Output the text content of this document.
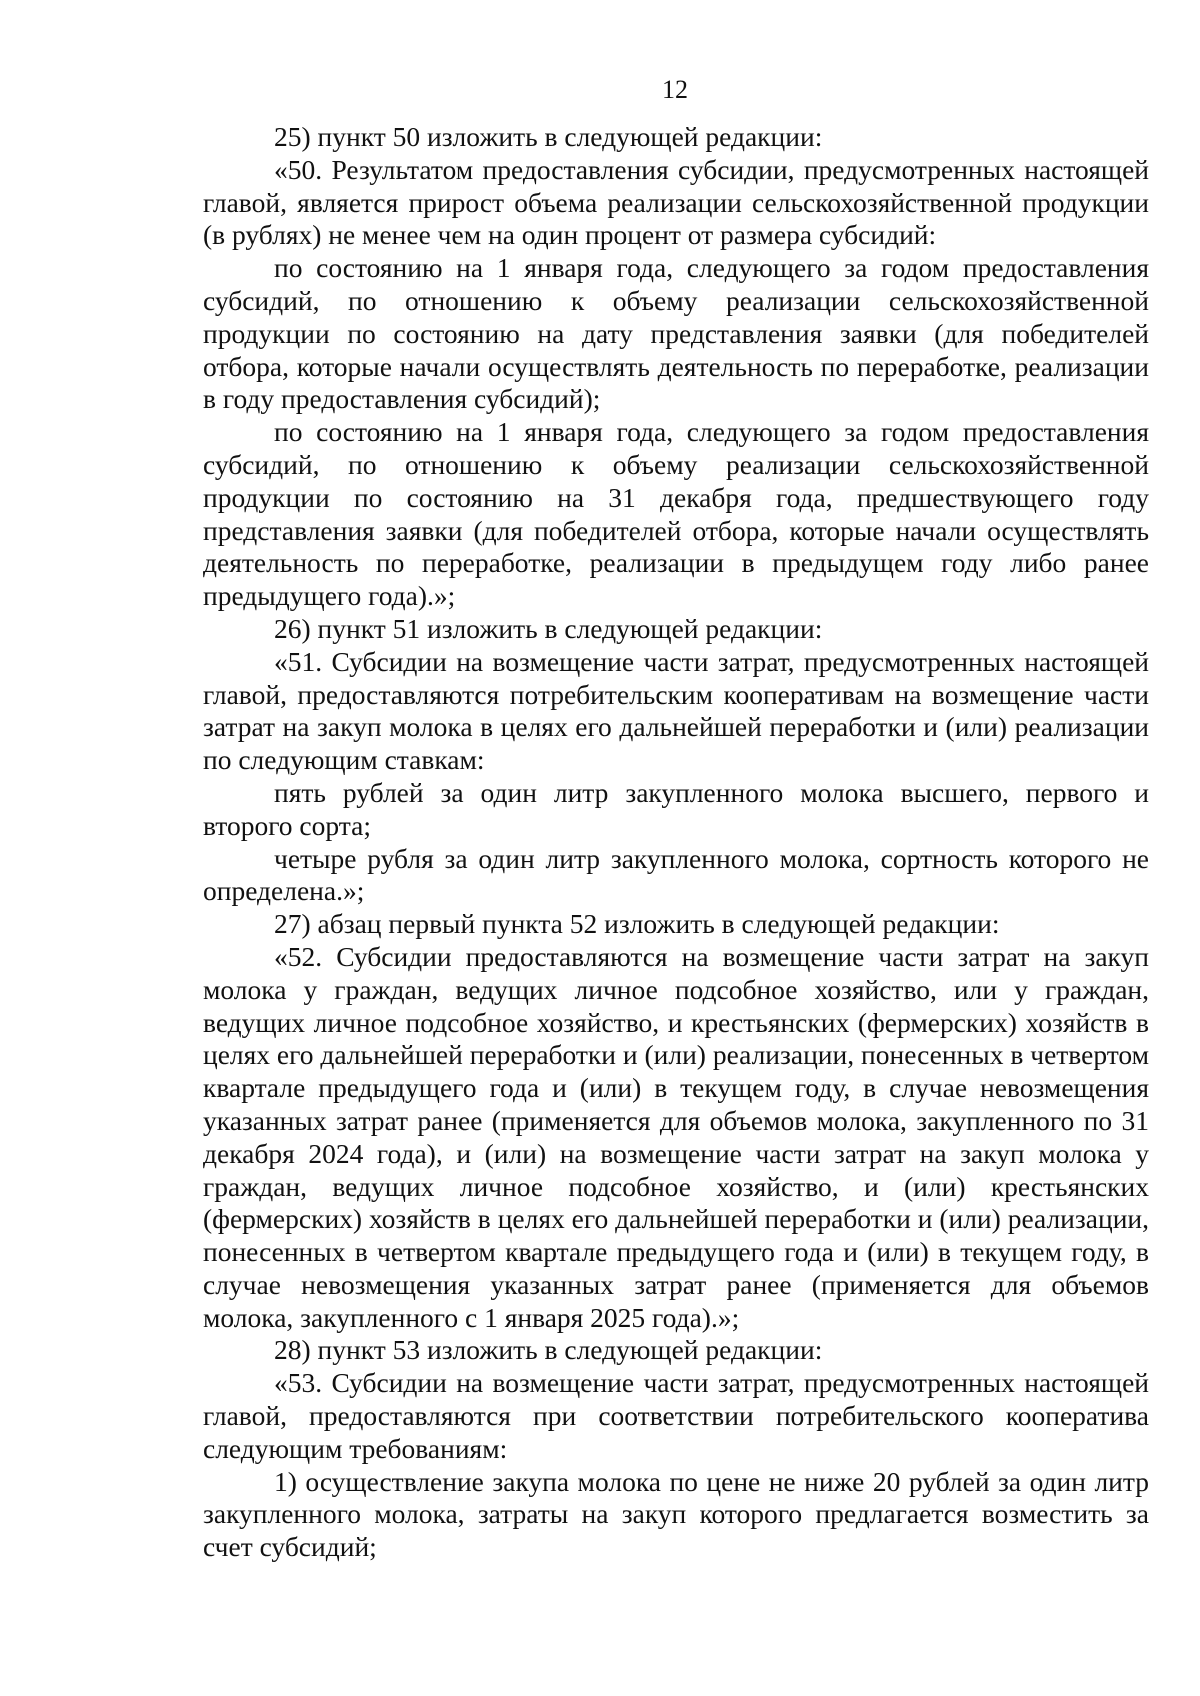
12

25) пункт 50 изложить в следующей редакции:

«50. Результатом предоставления субсидии, предусмотренных настоящей главой, является прирост объема реализации сельскохозяйственной продукции (в рублях) не менее чем на один процент от размера субсидий:

по состоянию на 1 января года, следующего за годом предоставления субсидий, по отношению к объему реализации сельскохозяйственной продукции по состоянию на дату представления заявки (для победителей отбора, которые начали осуществлять деятельность по переработке, реализации в году предоставления субсидий);

по состоянию на 1 января года, следующего за годом предоставления субсидий, по отношению к объему реализации сельскохозяйственной продукции по состоянию на 31 декабря года, предшествующего году представления заявки (для победителей отбора, которые начали осуществлять деятельность по переработке, реализации в предыдущем году либо ранее предыдущего года).»;

26) пункт 51 изложить в следующей редакции:

«51. Субсидии на возмещение части затрат, предусмотренных настоящей главой, предоставляются потребительским кооперативам на возмещение части затрат на закуп молока в целях его дальнейшей переработки и (или) реализации по следующим ставкам:

пять рублей за один литр закупленного молока высшего, первого и второго сорта;

четыре рубля за один литр закупленного молока, сортность которого не определена.»;

27) абзац первый пункта 52 изложить в следующей редакции:

«52. Субсидии предоставляются на возмещение части затрат на закуп молока у граждан, ведущих личное подсобное хозяйство, или у граждан, ведущих личное подсобное хозяйство, и крестьянских (фермерских) хозяйств в целях его дальнейшей переработки и (или) реализации, понесенных в четвертом квартале предыдущего года и (или) в текущем году, в случае невозмещения указанных затрат ранее (применяется для объемов молока, закупленного по 31 декабря 2024 года), и (или) на возмещение части затрат на закуп молока у граждан, ведущих личное подсобное хозяйство, и (или) крестьянских (фермерских) хозяйств в целях его дальнейшей переработки и (или) реализации, понесенных в четвертом квартале предыдущего года и (или) в текущем году, в случае невозмещения указанных затрат ранее (применяется для объемов молока, закупленного с 1 января 2025 года).»;

28) пункт 53 изложить в следующей редакции:

«53. Субсидии на возмещение части затрат, предусмотренных настоящей главой, предоставляются при соответствии потребительского кооператива следующим требованиям:

1) осуществление закупа молока по цене не ниже 20 рублей за один литр закупленного молока, затраты на закуп которого предлагается возместить за счет субсидий;
